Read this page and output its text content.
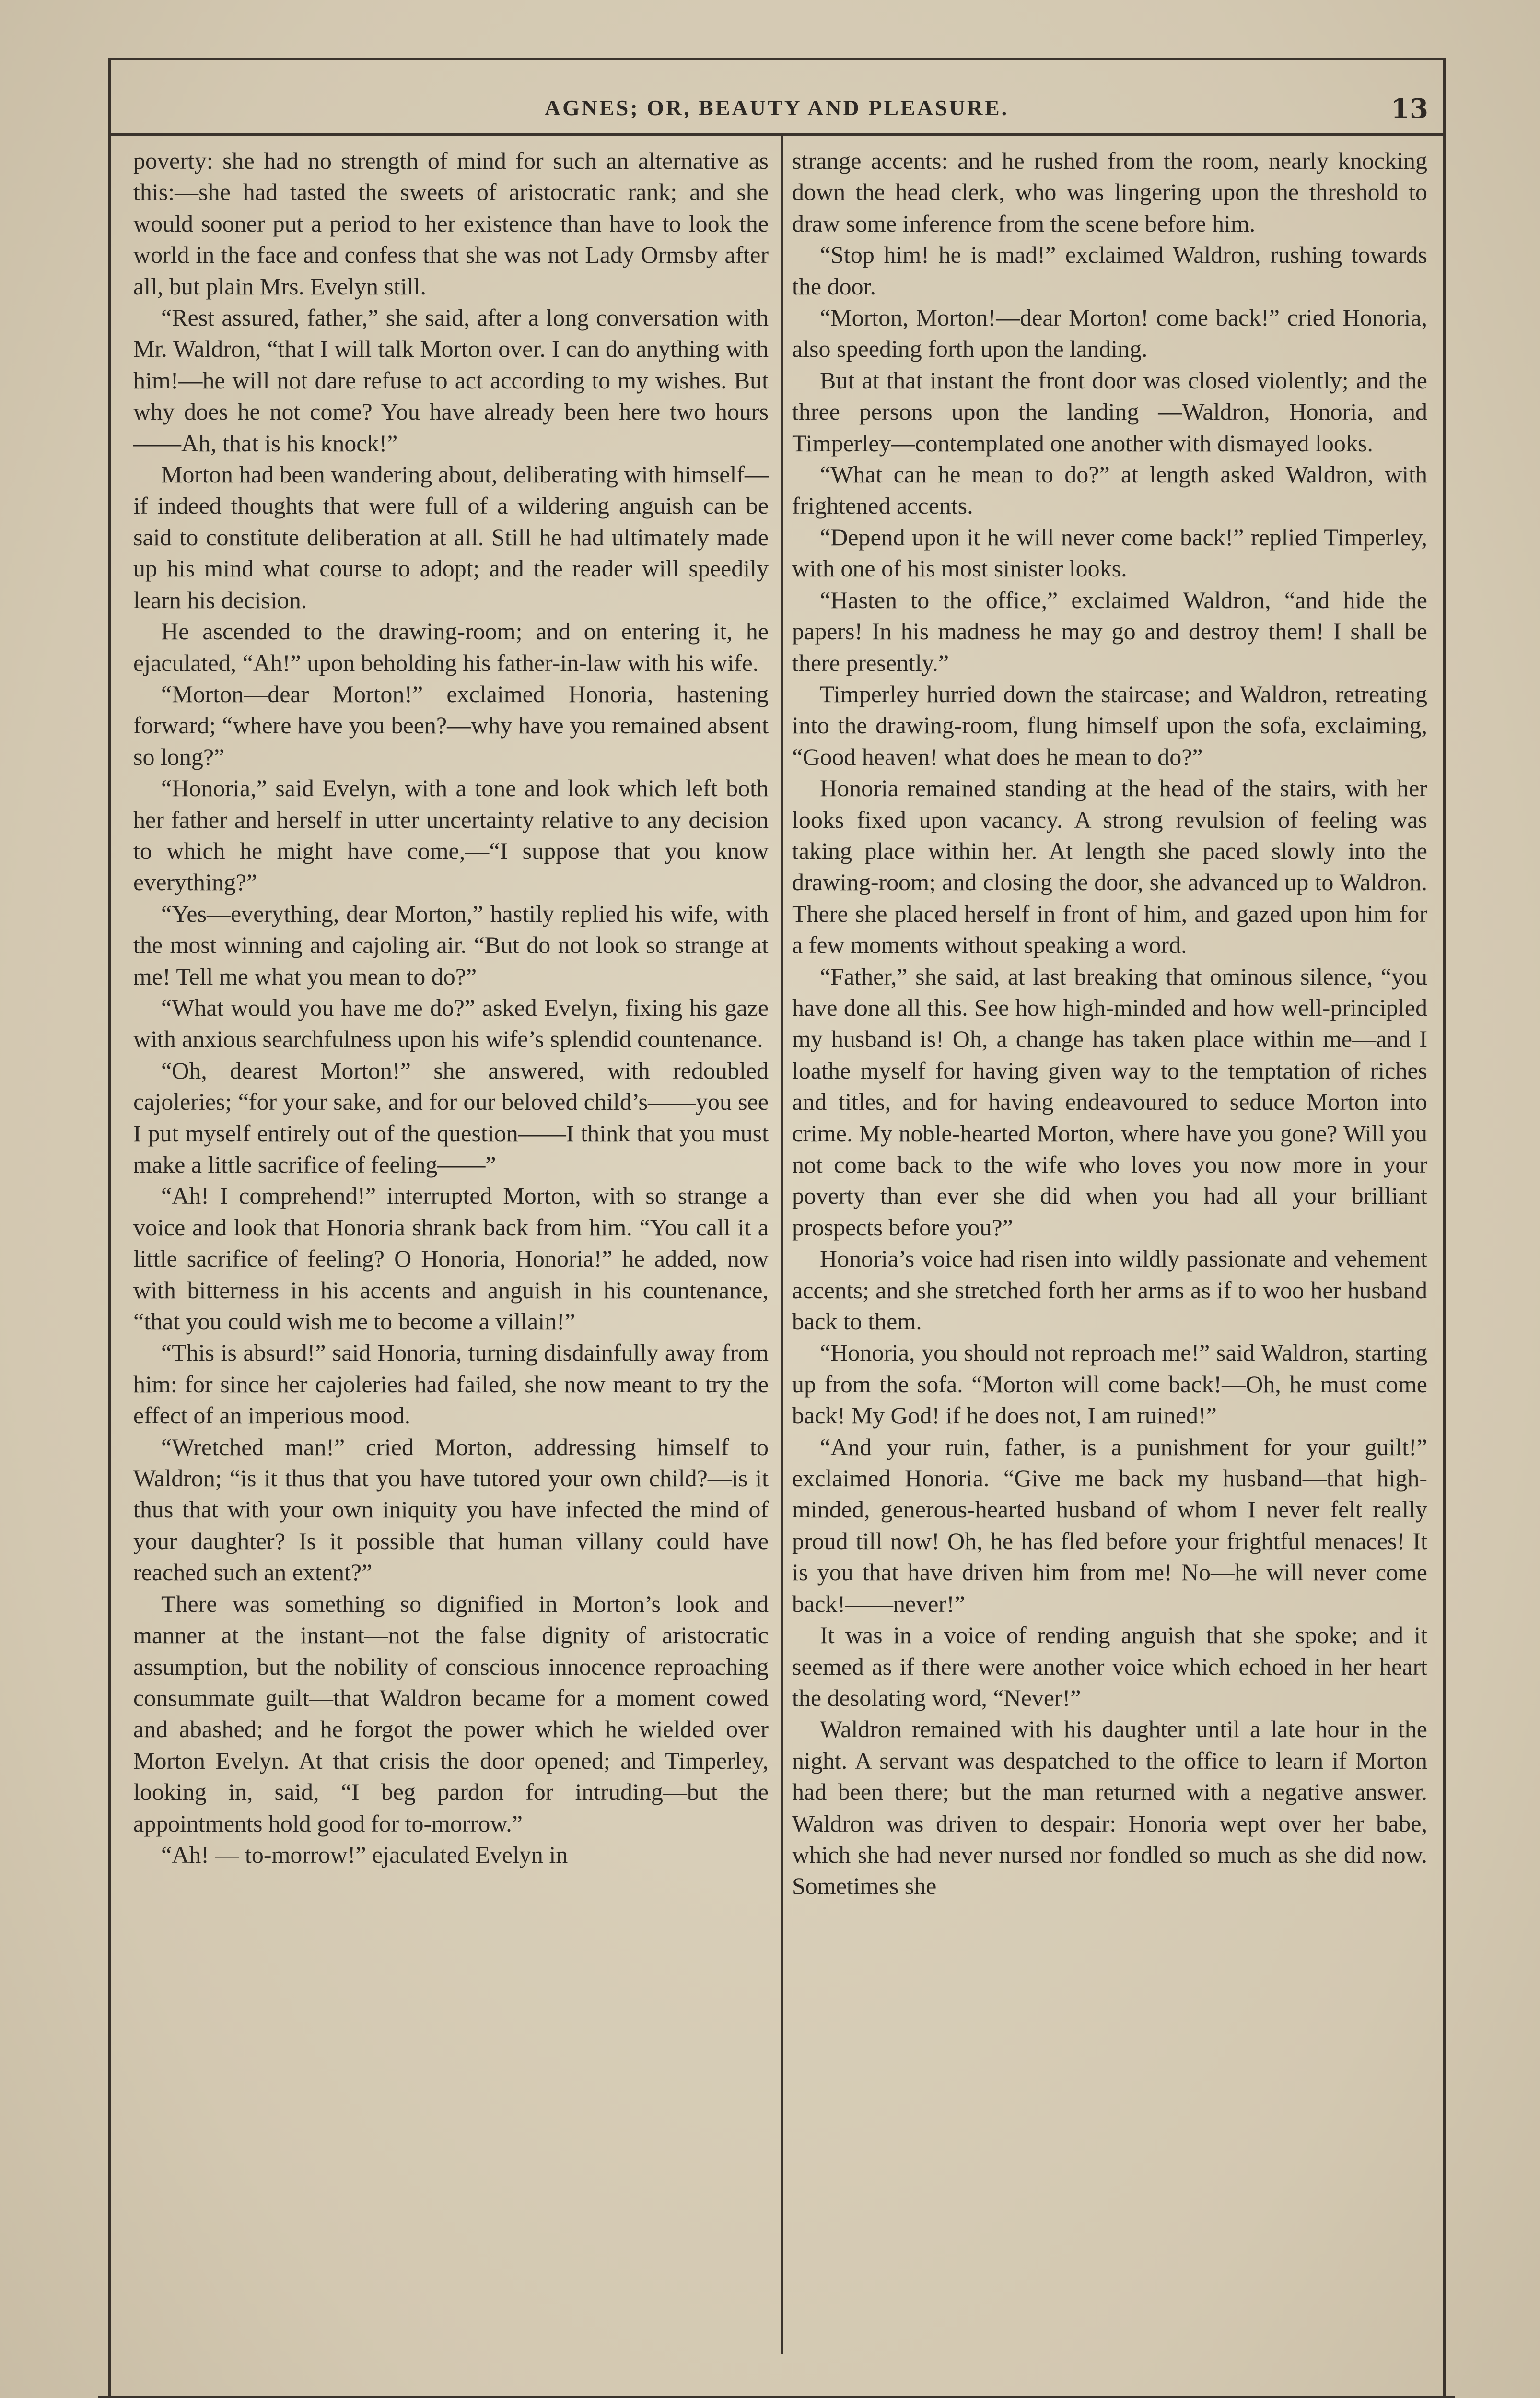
AGNES; OR, BEAUTY AND PLEASURE.	13

poverty: she had no strength of mind for such an alternative as this:—she had tasted the sweets of aristocratic rank; and she would sooner put a period to her existence than have to look the world in the face and confess that she was not Lady Ormsby after all, but plain Mrs. Evelyn still.

“Rest assured, father,” she said, after a long conversation with Mr. Waldron, “that I will talk Morton over. I can do anything with him!—he will not dare refuse to act according to my wishes. But why does he not come? You have already been here two hours——Ah, that is his knock!”

Morton had been wandering about, deliberating with himself—if indeed thoughts that were full of a wildering anguish can be said to constitute deliberation at all. Still he had ultimately made up his mind what course to adopt; and the reader will speedily learn his decision.

He ascended to the drawing-room; and on entering it, he ejaculated, “Ah!” upon beholding his father-in-law with his wife.

“Morton—dear Morton!” exclaimed Honoria, hastening forward; “where have you been?—why have you remained absent so long?”

“Honoria,” said Evelyn, with a tone and look which left both her father and herself in utter uncertainty relative to any decision to which he might have come,—“I suppose that you know everything?”

“Yes—everything, dear Morton,” hastily replied his wife, with the most winning and cajoling air. “But do not look so strange at me! Tell me what you mean to do?”

“What would you have me do?” asked Evelyn, fixing his gaze with anxious searchfulness upon his wife’s splendid countenance.

“Oh, dearest Morton!” she answered, with redoubled cajoleries; “for your sake, and for our beloved child’s——you see I put myself entirely out of the question——I think that you must make a little sacrifice of feeling——”

“Ah! I comprehend!” interrupted Morton, with so strange a voice and look that Honoria shrank back from him. “You call it a little sacrifice of feeling? O Honoria, Honoria!” he added, now with bitterness in his accents and anguish in his countenance, “that you could wish me to become a villain!”

“This is absurd!” said Honoria, turning disdainfully away from him: for since her cajoleries had failed, she now meant to try the effect of an imperious mood.

“Wretched man!” cried Morton, addressing himself to Waldron; “is it thus that you have tutored your own child?—is it thus that with your own iniquity you have infected the mind of your daughter? Is it possible that human villany could have reached such an extent?”

There was something so dignified in Morton’s look and manner at the instant—not the false dignity of aristocratic assumption, but the nobility of conscious innocence reproaching consummate guilt—that Waldron became for a moment cowed and abashed; and he forgot the power which he wielded over Morton Evelyn. At that crisis the door opened; and Timperley, looking in, said, “I beg pardon for intruding—but the appointments hold good for to-morrow.”

“Ah! — to-morrow!” ejaculated Evelyn in

strange accents: and he rushed from the room, nearly knocking down the head clerk, who was lingering upon the threshold to draw some inference from the scene before him.

“Stop him! he is mad!” exclaimed Waldron, rushing towards the door.

“Morton, Morton!—dear Morton! come back!” cried Honoria, also speeding forth upon the landing.

But at that instant the front door was closed violently; and the three persons upon the landing —Waldron, Honoria, and Timperley—contemplated one another with dismayed looks.

“What can he mean to do?” at length asked Waldron, with frightened accents.

“Depend upon it he will never come back!” replied Timperley, with one of his most sinister looks.

“Hasten to the office,” exclaimed Waldron, “and hide the papers! In his madness he may go and destroy them! I shall be there presently.”

Timperley hurried down the staircase; and Waldron, retreating into the drawing-room, flung himself upon the sofa, exclaiming, “Good heaven! what does he mean to do?”

Honoria remained standing at the head of the stairs, with her looks fixed upon vacancy. A strong revulsion of feeling was taking place within her. At length she paced slowly into the drawing-room; and closing the door, she advanced up to Waldron. There she placed herself in front of him, and gazed upon him for a few moments without speaking a word.

“Father,” she said, at last breaking that ominous silence, “you have done all this. See how high-minded and how well-principled my husband is! Oh, a change has taken place within me—and I loathe myself for having given way to the temptation of riches and titles, and for having endeavoured to seduce Morton into crime. My noble-hearted Morton, where have you gone? Will you not come back to the wife who loves you now more in your poverty than ever she did when you had all your brilliant prospects before you?”

Honoria’s voice had risen into wildly passionate and vehement accents; and she stretched forth her arms as if to woo her husband back to them.

“Honoria, you should not reproach me!” said Waldron, starting up from the sofa. “Morton will come back!—Oh, he must come back! My God! if he does not, I am ruined!”

“And your ruin, father, is a punishment for your guilt!” exclaimed Honoria. “Give me back my husband—that high-minded, generous-hearted husband of whom I never felt really proud till now! Oh, he has fled before your frightful menaces! It is you that have driven him from me! No—he will never come back!——never!”

It was in a voice of rending anguish that she spoke; and it seemed as if there were another voice which echoed in her heart the desolating word, “Never!”

Waldron remained with his daughter until a late hour in the night. A servant was despatched to the office to learn if Morton had been there; but the man returned with a negative answer. Waldron was driven to despair: Honoria wept over her babe, which she had never nursed nor fondled so much as she did now. Sometimes she
